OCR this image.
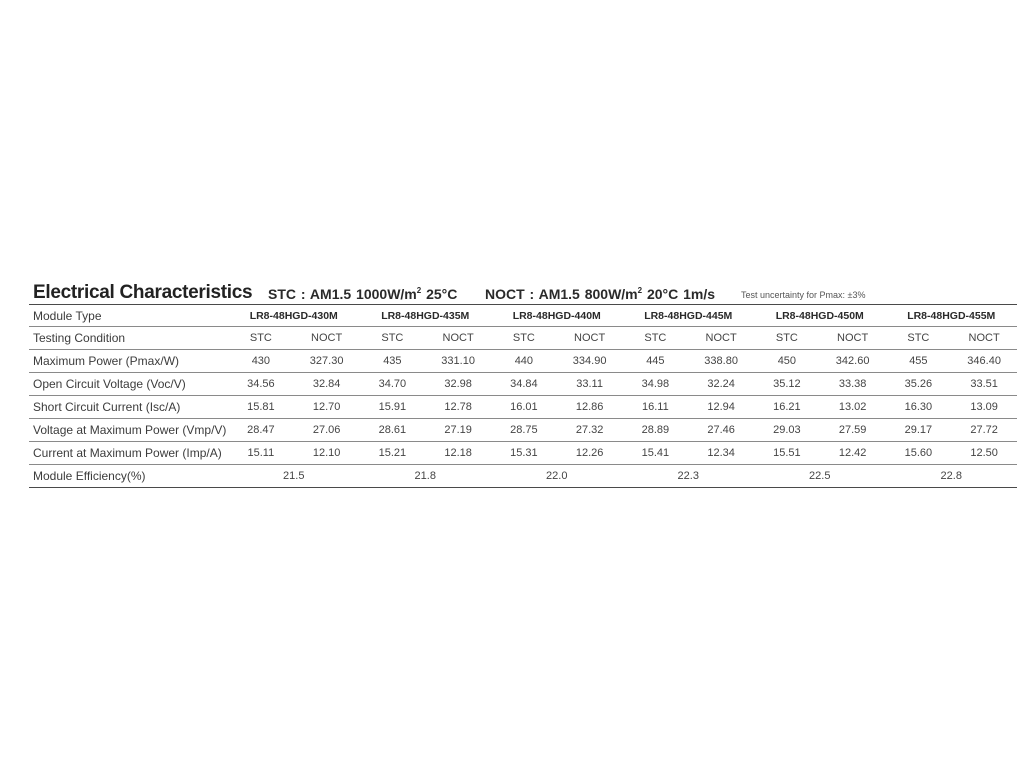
Electrical Characteristics STC : AM1.5 $1000W/m^2$ 25°C NOCT : AM1.5 $800W/m^2$ 20°C 1m/s	Test uncertainty for Pmax: ±3%
Module Type	LR8-48HGD-430M		LR8-48HGD-435M		LR8-48HGD-440M		LR8-48HGD-445M		LR8-48HGD-450M		LR8-48HGD-455M	
Testing Condition	STC	NOCT	STC	NOCT	STC	NOCT	STC	NOCT	STC	NOCT	STC	NOCT
Maximum Power (Pmax/W)	430	327.30	435	331.10	440	334.90	445	338.80	450	342.60	455	346.40
Open Circuit Voltage (Voc/V)	34.56	32.84	34.70	32.98	34.84	33.11	34.98	32.24	35.12	33.38	35.26	33.51
Short Circuit Current (Isc/A)	15.81	12.70	15.91	12.78	16.01	12.86	16.11	12.94	16.21	13.02	16.30	13.09
Voltage at Maximum Power (Vmp/V)	28.47	27.06	28.61	27.19	28.75	27.32	28.89	27.46	29.03	27.59	29.17	27.72
Current at Maximum Power (Imp/A)	15.11	12.10	15.21	12.18	15.31	12.26	15.41	12.34	15.51	12.42	15.60	12.50
Module Efficiency(%)	21.5		21.8		22.0		22.3		22.5		22.8	
